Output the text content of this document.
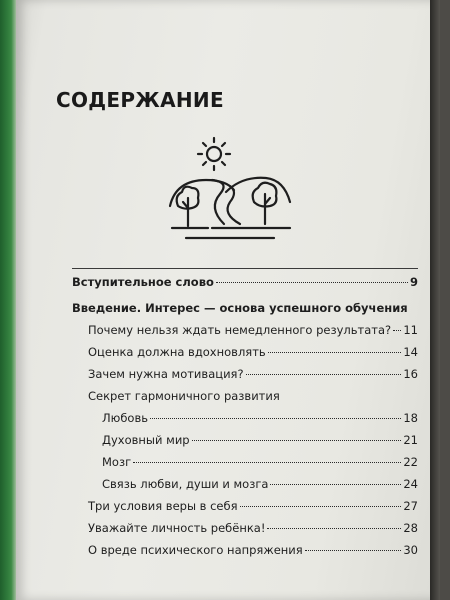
СОДЕРЖАНИЕ
Вступительное слово	9
Введение. Интерес — основа успешного обучения
Почему нельзя ждать немедленного результата? 11
Оценка должна вдохновлять	14
Зачем нужна мотивация?	16
Секрет гармоничного развития
Любовь	18
Духовный мир	21
Мозг	22
Связь любви, души и мозга	24
Три условия веры в себя	27
Уважайте личность ребёнка!	28
О вреде психического напряжения	30
